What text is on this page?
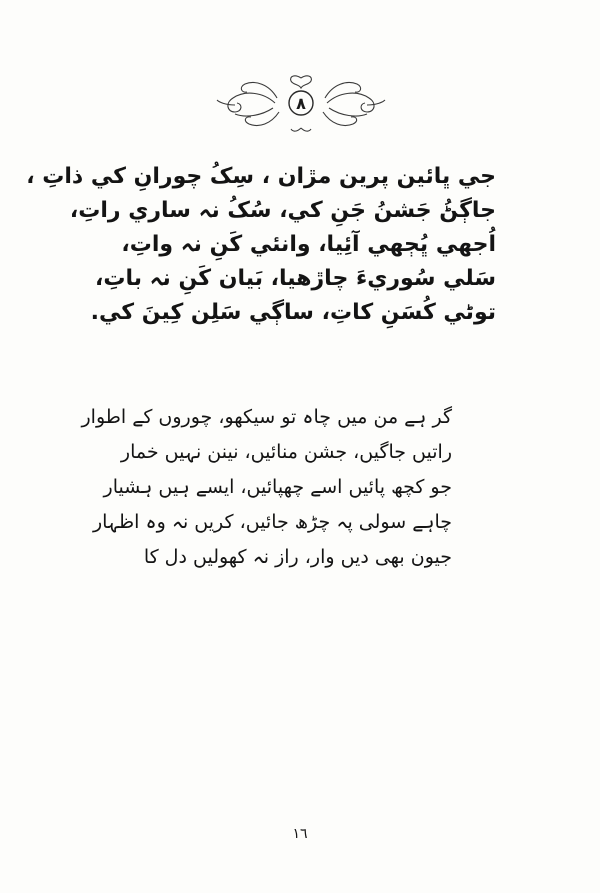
٨
جي ڀائين پرين مڙان ، سِکُ چورانِ کي ذاتِ ،
جاڳڻُ جَشنُ جَنِ کي، سُکُ نہ ساري راتِ،
اُجھي ڀُڄھي آئِيا، وانئي کَنِ نہ واتِ،
سَلي سُوريءَ چاڙھيا، بَيان کَنِ نہ باتِ،
توڻي کُسَنِ کاتِ، ساڳي سَلِن کِينَ کي.
گر ہے من میں چاہ تو سیکھو، چوروں کے اطوار
راتیں جاگیں، جشن منائیں، نینن نہیں خمار
جو کچھ پائیں اسے چھپائیں، ایسے ہیں ہشیار
چاہے سولی پہ چڑھ جائیں، کریں نہ وہ اظہار
جیون بھی دیں وار، راز نہ کھولیں دل کا
١٦
